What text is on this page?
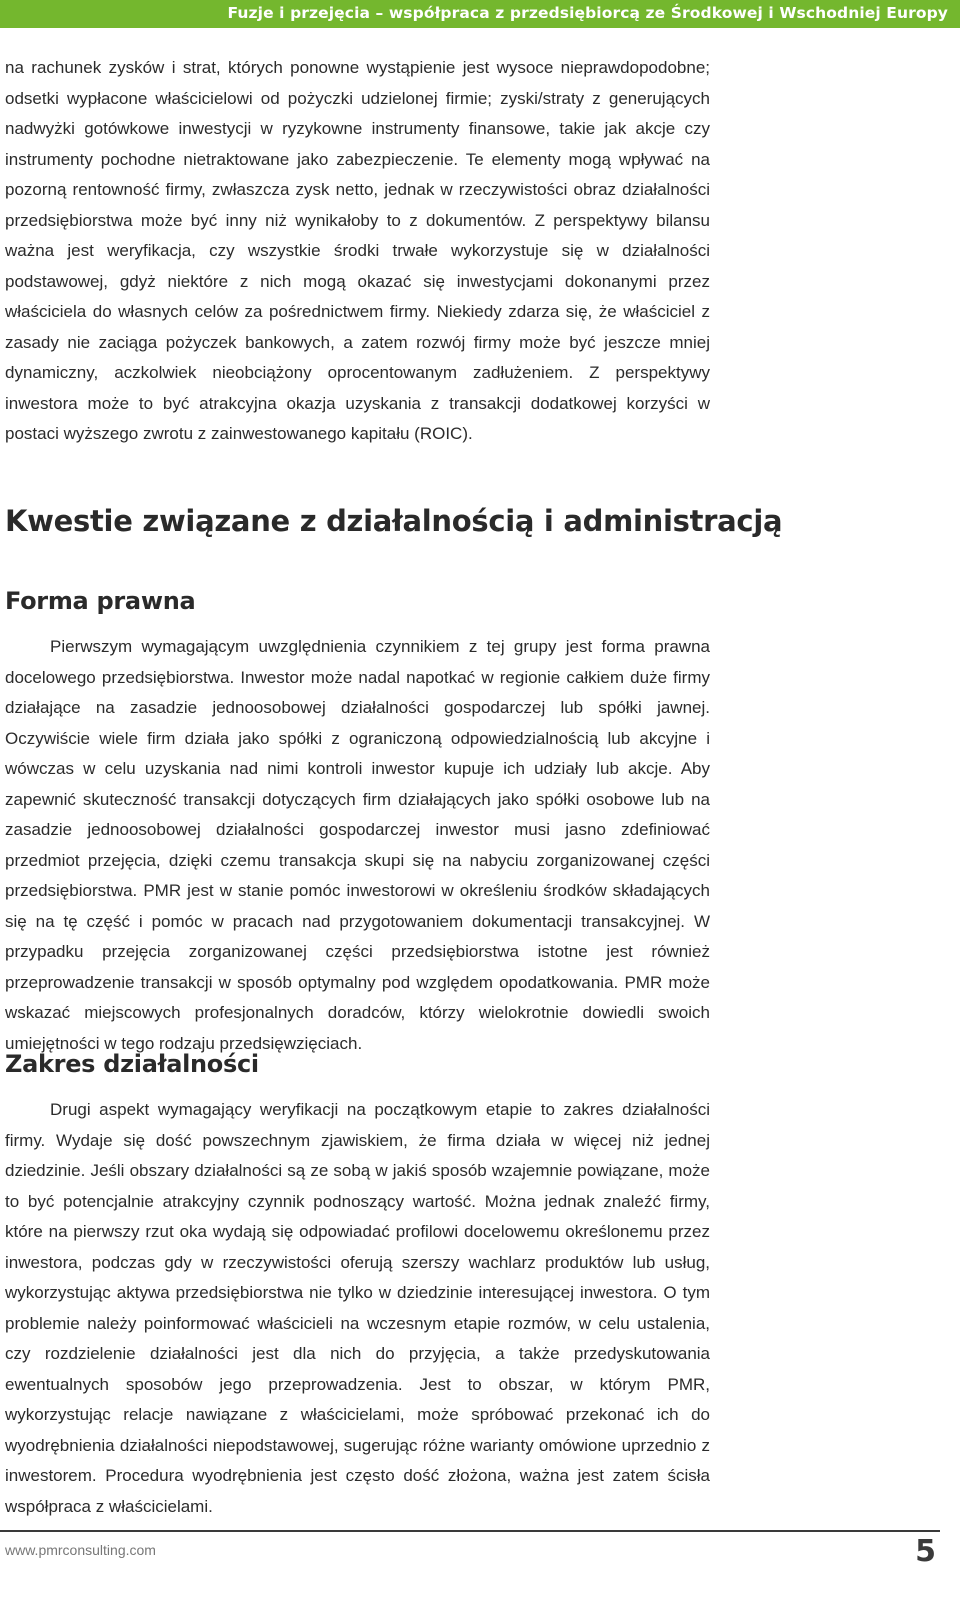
Fuzje i przejęcia – współpraca z przedsiębiorcą ze Środkowej i Wschodniej Europy

na rachunek zysków i strat, których ponowne wystąpienie jest wysoce nieprawdopodobne; odsetki wypłacone właścicielowi od pożyczki udzielonej firmie; zyski/straty z generujących nadwyżki gotówkowe inwestycji w ryzykowne instrumenty finansowe, takie jak akcje czy instrumenty pochodne nietraktowane jako zabezpieczenie. Te elementy mogą wpływać na pozorną rentowność firmy, zwłaszcza zysk netto, jednak w rzeczywistości obraz działalności przedsiębiorstwa może być inny niż wynikałoby to z dokumentów. Z perspektywy bilansu ważna jest weryfikacja, czy wszystkie środki trwałe wykorzystuje się w działalności podstawowej, gdyż niektóre z nich mogą okazać się inwestycjami dokonanymi przez właściciela do własnych celów za pośrednictwem firmy. Niekiedy zdarza się, że właściciel z zasady nie zaciąga pożyczek bankowych, a zatem rozwój firmy może być jeszcze mniej dynamiczny, aczkolwiek nieobciążony oprocentowanym zadłużeniem. Z perspektywy inwestora może to być atrakcyjna okazja uzyskania z transakcji dodatkowej korzyści w postaci wyższego zwrotu z zainwestowanego kapitału (ROIC).

Kwestie związane z działalnością i administracją
Forma prawna

Pierwszym wymagającym uwzględnienia czynnikiem z tej grupy jest forma prawna docelowego przedsiębiorstwa. Inwestor może nadal napotkać w regionie całkiem duże firmy działające na zasadzie jednoosobowej działalności gospodarczej lub spółki jawnej. Oczywiście wiele firm działa jako spółki z ograniczoną odpowiedzialnością lub akcyjne i wówczas w celu uzyskania nad nimi kontroli inwestor kupuje ich udziały lub akcje. Aby zapewnić skuteczność transakcji dotyczących firm działających jako spółki osobowe lub na zasadzie jednoosobowej działalności gospodarczej inwestor musi jasno zdefiniować przedmiot przejęcia, dzięki czemu transakcja skupi się na nabyciu zorganizowanej części przedsiębiorstwa. PMR jest w stanie pomóc inwestorowi w określeniu środków składających się na tę część i pomóc w pracach nad przygotowaniem dokumentacji transakcyjnej. W przypadku przejęcia zorganizowanej części przedsiębiorstwa istotne jest również przeprowadzenie transakcji w sposób optymalny pod względem opodatkowania. PMR może wskazać miejscowych profesjonalnych doradców, którzy wielokrotnie dowiedli swoich umiejętności w tego rodzaju przedsięwzięciach.

Zakres działalności

Drugi aspekt wymagający weryfikacji na początkowym etapie to zakres działalności firmy. Wydaje się dość powszechnym zjawiskiem, że firma działa w więcej niż jednej dziedzinie. Jeśli obszary działalności są ze sobą w jakiś sposób wzajemnie powiązane, może to być potencjalnie atrakcyjny czynnik podnoszący wartość. Można jednak znaleźć firmy, które na pierwszy rzut oka wydają się odpowiadać profilowi docelowemu określonemu przez inwestora, podczas gdy w rzeczywistości oferują szerszy wachlarz produktów lub usług, wykorzystując aktywa przedsiębiorstwa nie tylko w dziedzinie interesującej inwestora. O tym problemie należy poinformować właścicieli na wczesnym etapie rozmów, w celu ustalenia, czy rozdzielenie działalności jest dla nich do przyjęcia, a także przedyskutowania ewentualnych sposobów jego przeprowadzenia. Jest to obszar, w którym PMR, wykorzystując relacje nawiązane z właścicielami, może spróbować przekonać ich do wyodrębnienia działalności niepodstawowej, sugerując różne warianty omówione uprzednio z inwestorem. Procedura wyodrębnienia jest często dość złożona, ważna jest zatem ścisła współpraca z właścicielami.

www.pmrconsulting.com	5
